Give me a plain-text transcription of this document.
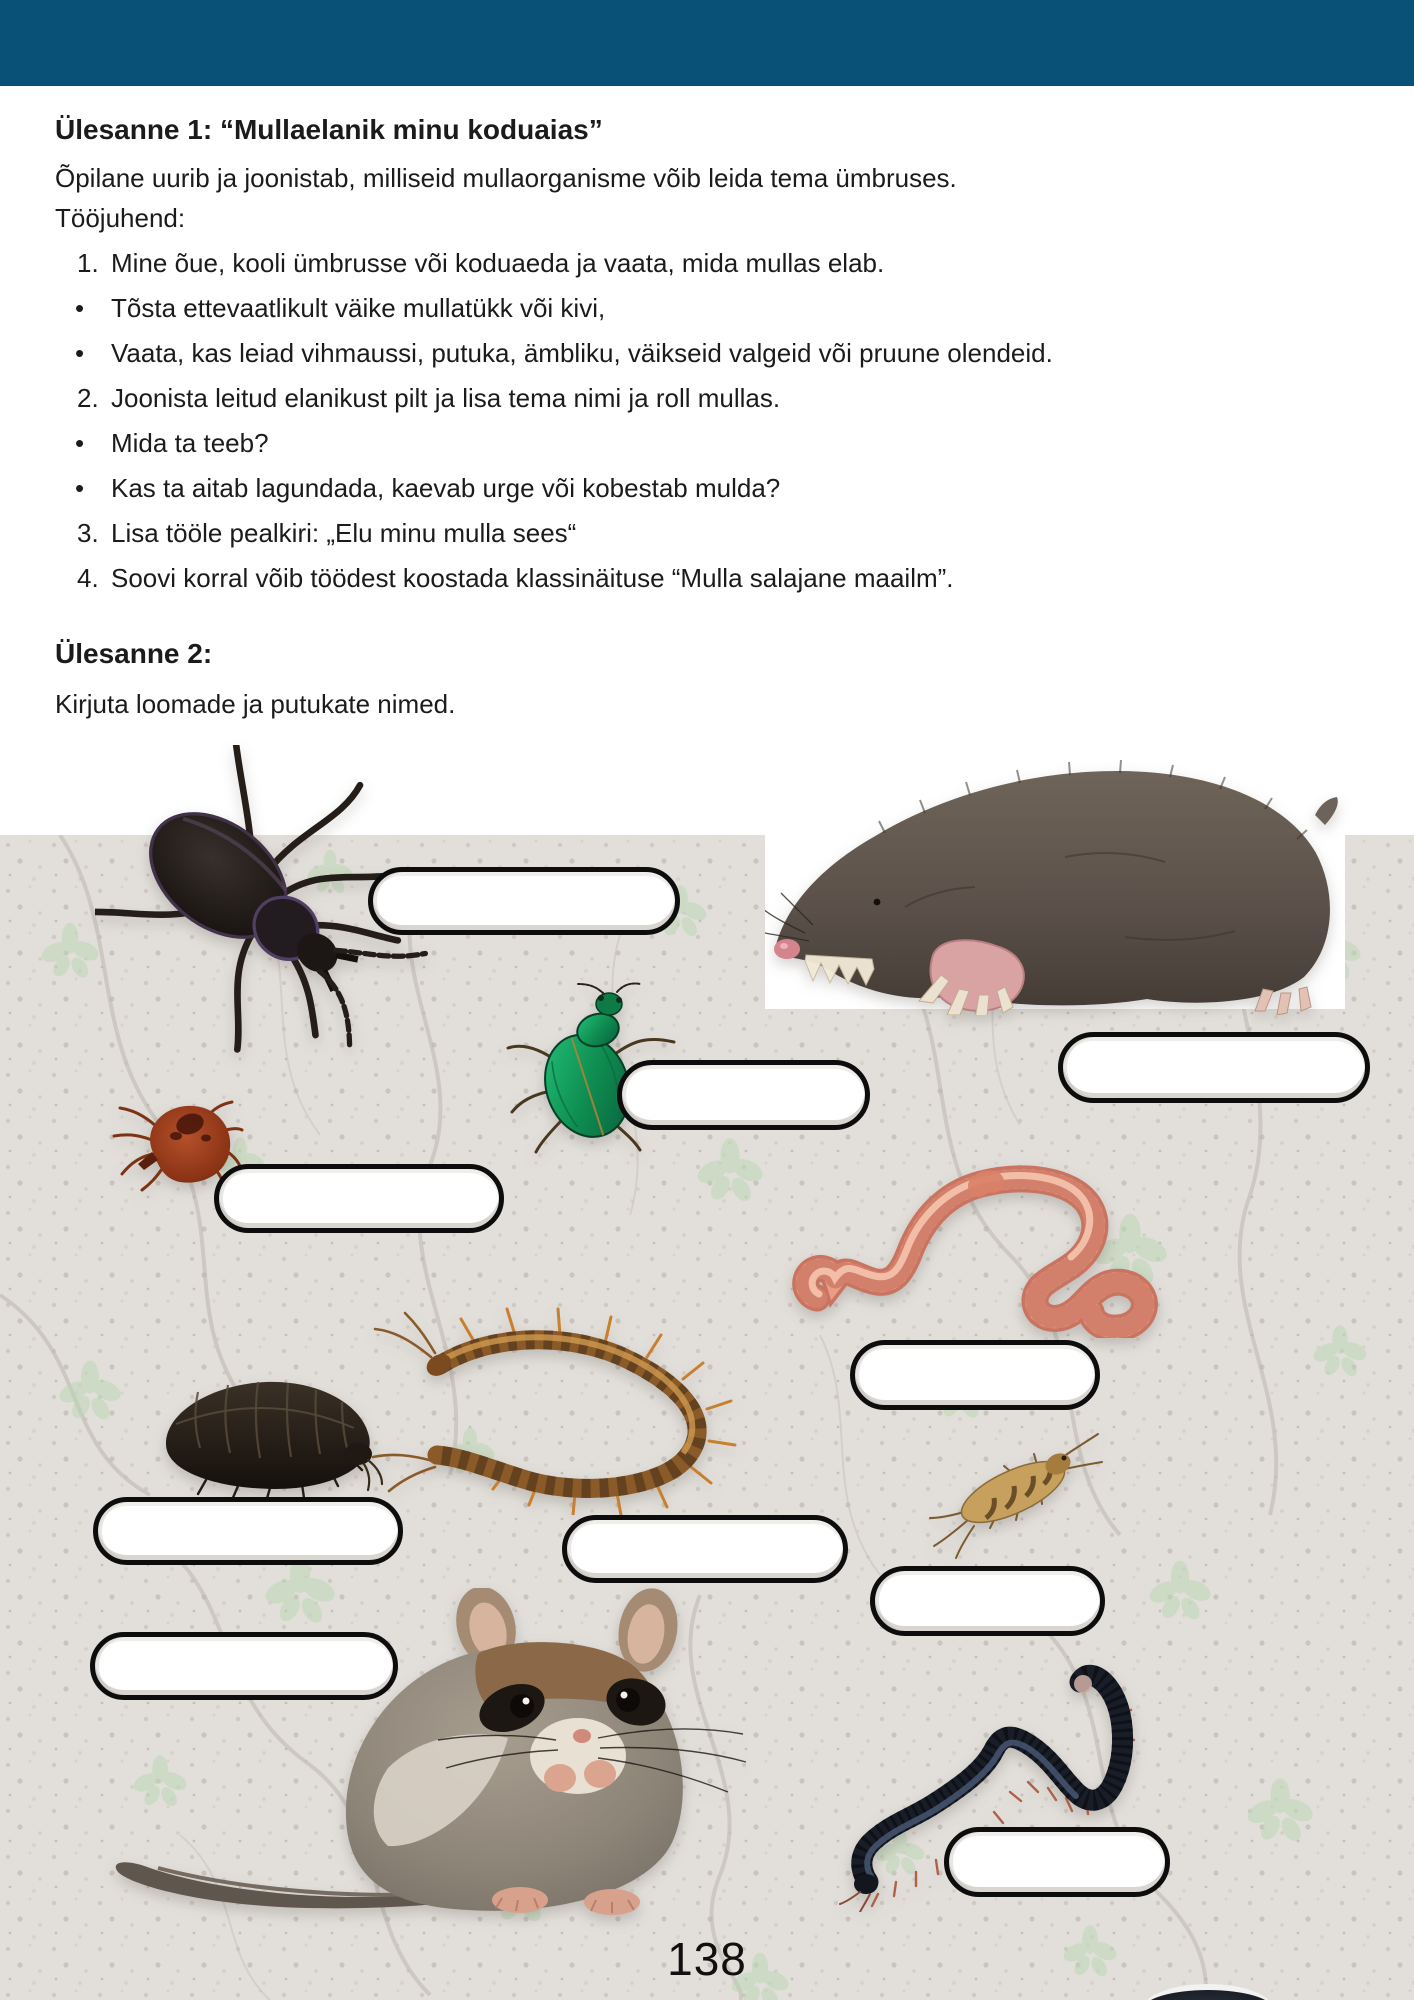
Ülesanne 1: “Mullaelanik minu koduaias”

Õpilane uurib ja joonistab, milliseid mullaorganisme võib leida tema ümbruses.

Tööjuhend:

1. Mine õue, kooli ümbrusse või koduaeda ja vaata, mida mullas elab.
•	Tõsta ettevaatlikult väike mullatükk või kivi,
•	Vaata, kas leiad vihmaussi, putuka, ämbliku, väikseid valgeid või pruune olendeid.
2. Joonista leitud elanikust pilt ja lisa tema nimi ja roll mullas.
•	Mida ta teeb?
•	Kas ta aitab lagundada, kaevab urge või kobestab mulda?
3. Lisa tööle pealkiri: „Elu minu mulla sees“
4. Soovi korral võib töödest koostada klassinäituse “Mulla salajane maailm”.
Ülesanne 2:

Kirjuta loomade ja putukate nimed.

138
